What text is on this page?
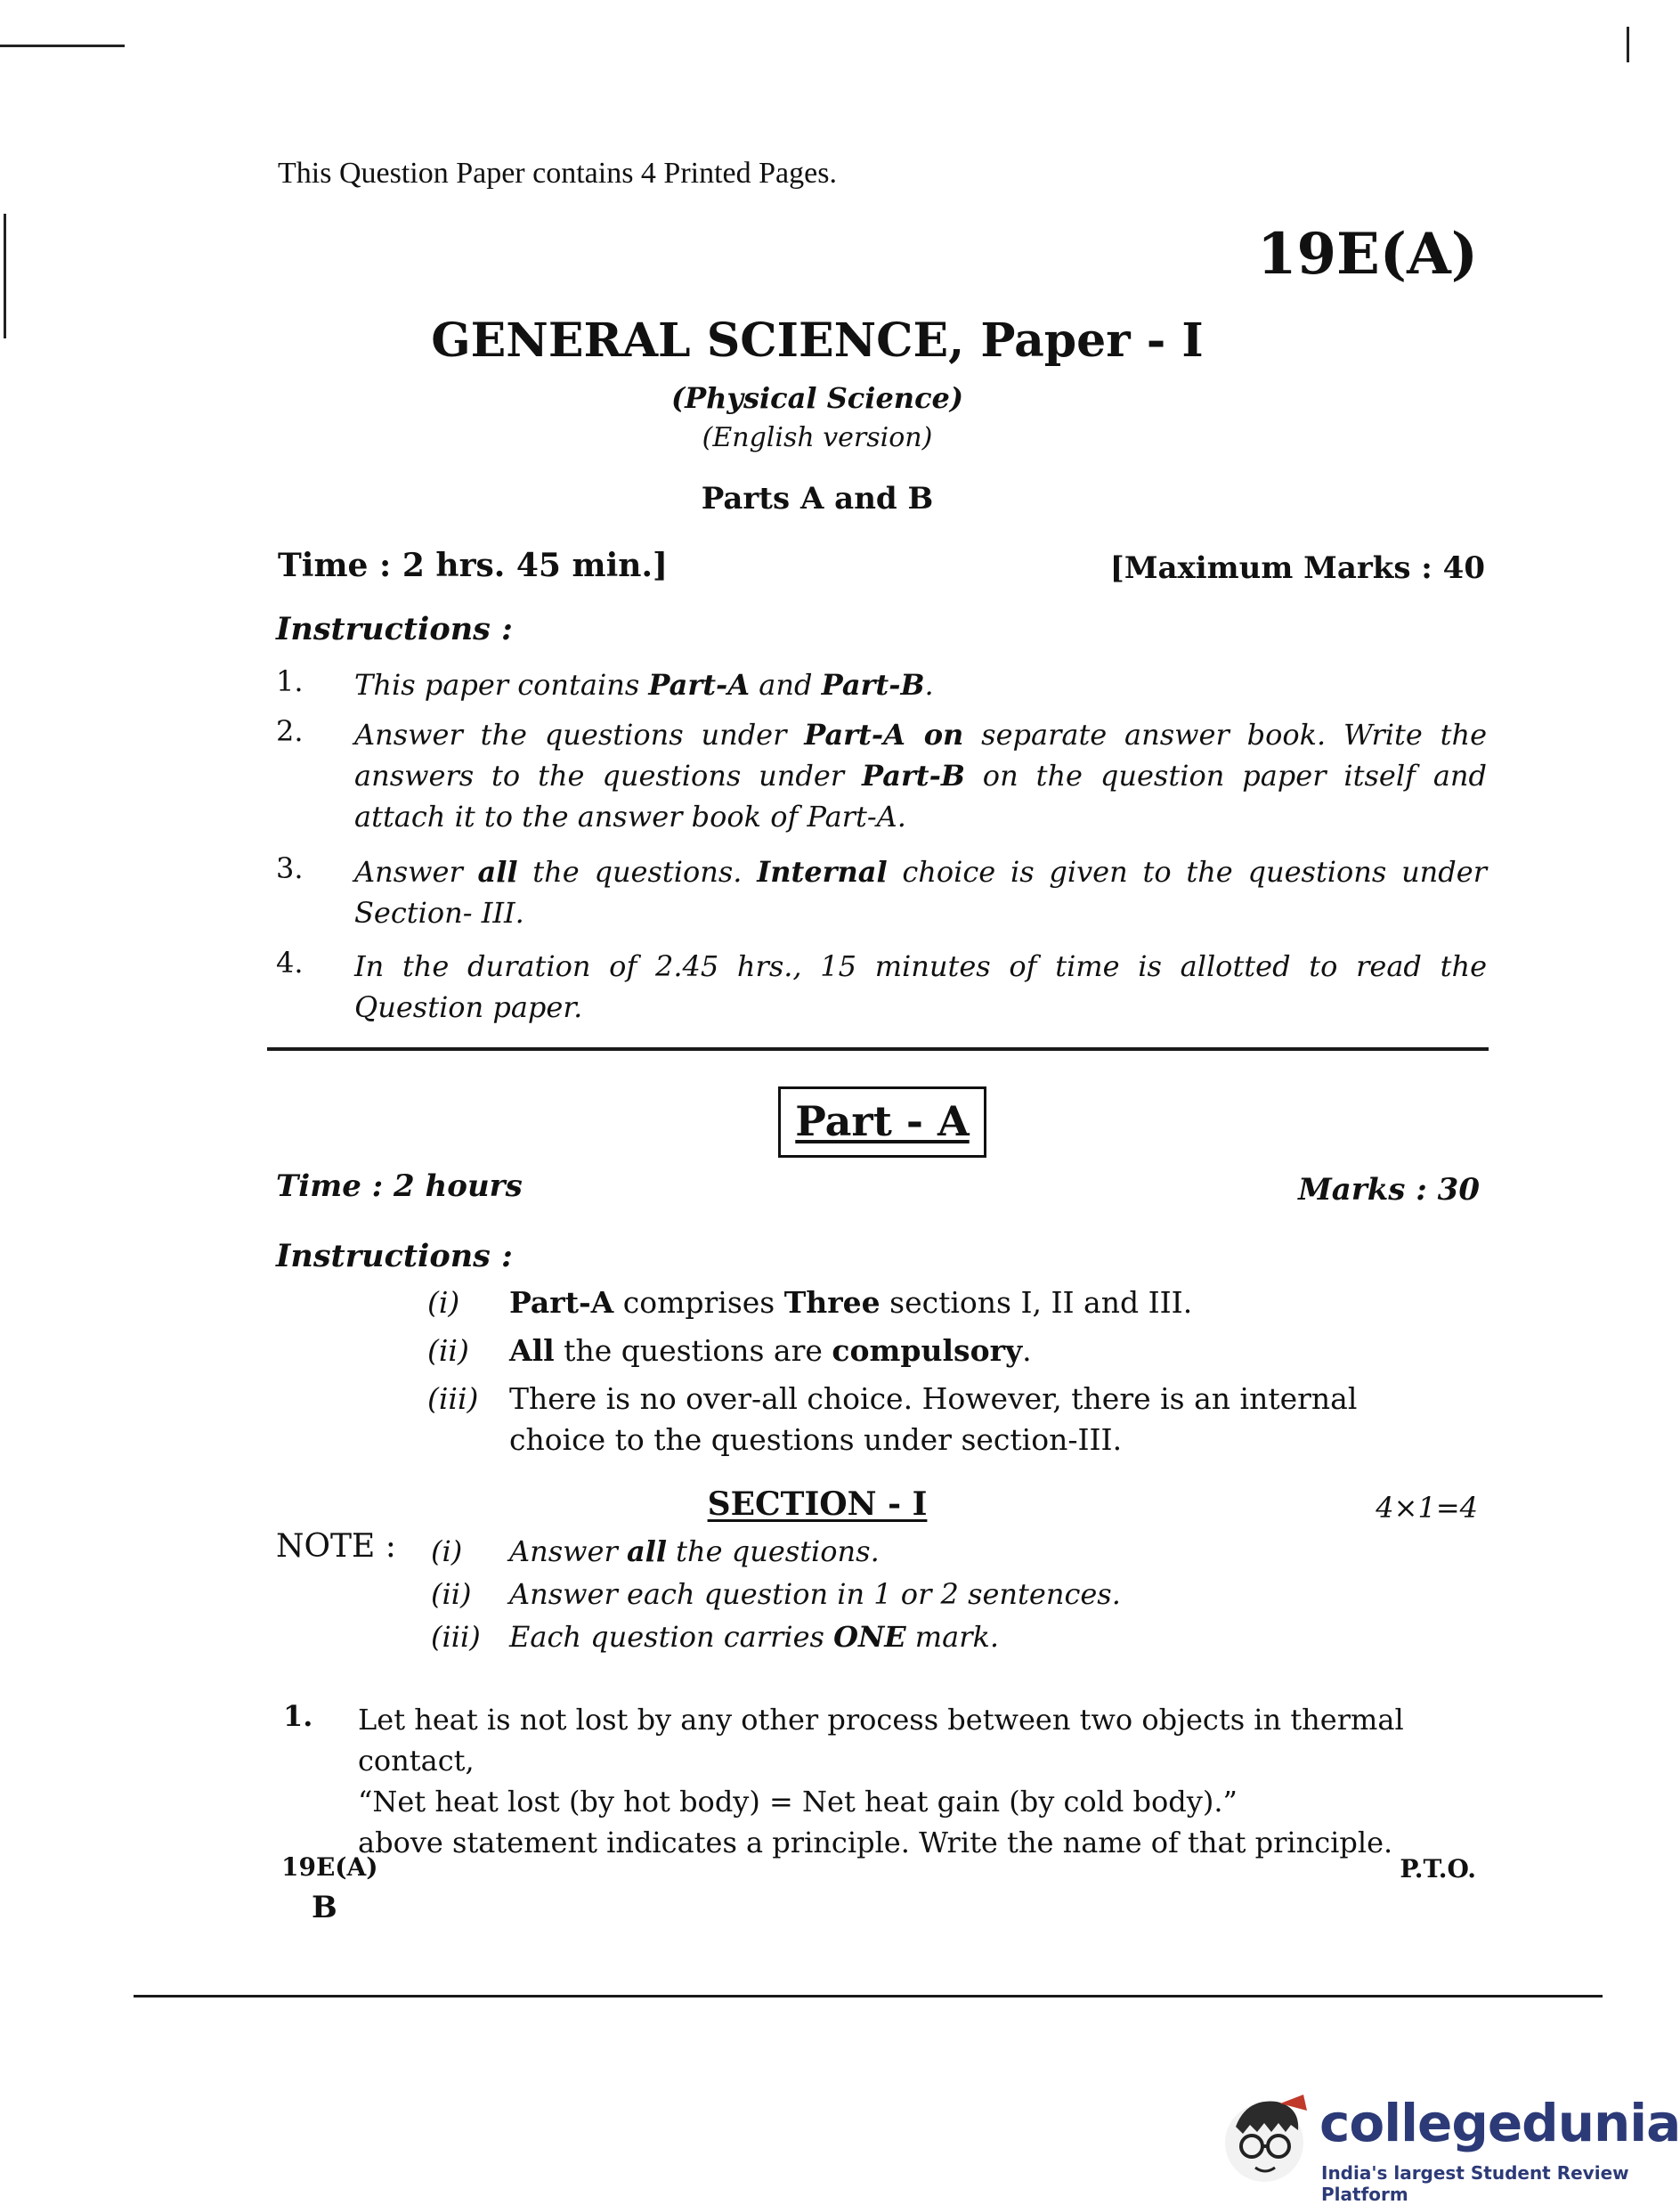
This Question Paper contains 4 Printed Pages.
19E(A)
GENERAL SCIENCE, Paper - I
(Physical Science)
(English version)
Parts A and B
Time : 2 hrs. 45 min.]	[Maximum Marks : 40
Instructions :
1. This paper contains Part-A and Part-B.
2. Answer the questions under Part-A on separate answer book. Write the answers to the questions under Part-B on the question paper itself and attach it to the answer book of Part-A.
3. Answer all the questions. Internal choice is given to the questions under Section- III.
4. In the duration of 2.45 hrs., 15 minutes of time is allotted to read the Question paper.
Part - A
Time : 2 hours	Marks : 30
Instructions :
(i) Part-A comprises Three sections I, II and III.
(ii) All the questions are compulsory.
(iii) There is no over-all choice. However, there is an internal choice to the questions under section-III.
SECTION - I	4×1=4
NOTE : (i) Answer all the questions.
(ii) Answer each question in 1 or 2 sentences.
(iii) Each question carries ONE mark.
1. Let heat is not lost by any other process between two objects in thermal contact,
“Net heat lost (by hot body) = Net heat gain (by cold body).”
above statement indicates a principle. Write the name of that principle.
19E(A)
B
P.T.O.
collegedunia
India's largest Student Review Platform
